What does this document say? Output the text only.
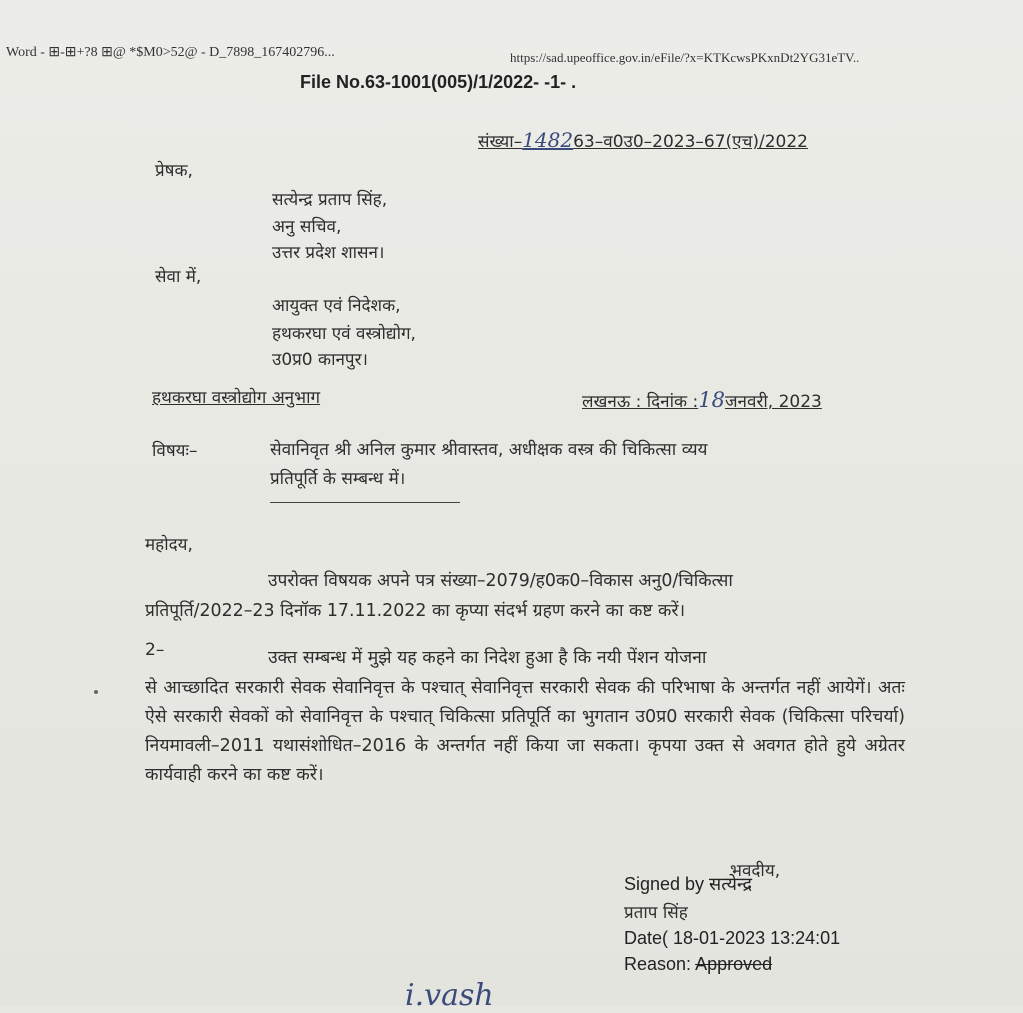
Word - ⊞-⊞+?8 ⊞@ *$M0>52@ - D_7898_167402796...	https://sad.upeoffice.gov.in/eFile/?x=KTKcwsPKxnDt2YG31eTV..
File No.63-1001(005)/1/2022- -1- .
संख्या–148263–व0उ0–2023–67(एच)/2022
प्रेषक,
सत्येन्द्र प्रताप सिंह,
अनु सचिव,
उत्तर प्रदेश शासन।
सेवा में,
आयुक्त एवं निदेशक,
हथकरघा एवं वस्त्रोद्योग,
उ0प्र0 कानपुर।
हथकरघा वस्त्रोद्योग अनुभाग	लखनऊ : दिनांक :18जनवरी, 2023
विषयः–	सेवानिवृत श्री अनिल कुमार श्रीवास्तव, अधीक्षक वस्त्र की चिकित्सा व्यय
प्रतिपूर्ति के सम्बन्ध में।
महोदय,
उपरोक्त विषयक अपने पत्र संख्या–2079/ह0क0–विकास अनु0/चिकित्सा
प्रतिपूर्ति/2022–23 दिनॉक 17.11.2022 का कृप्या संदर्भ ग्रहण करने का कष्ट करें।
2–	उक्त सम्बन्ध में मुझे यह कहने का निदेश हुआ है कि नयी पेंशन योजना
से आच्छादित सरकारी सेवक सेवानिवृत्त के पश्चात् सेवानिवृत्त सरकारी सेवक की परिभाषा के अन्तर्गत नहीं आयेगें। अतः ऐसे सरकारी सेवकों को सेवानिवृत्त के पश्चात् चिकित्सा प्रतिपूर्ति का भुगतान उ0प्र0 सरकारी सेवक (चिकित्सा परिचर्या) नियमावली–2011 यथासंशोधित–2016 के अन्तर्गत नहीं किया जा सकता। कृपया उक्त से अवगत होते हुये अग्रेतर कार्यवाही करने का कष्ट करें।
भवदीय,
Signed by सत्येन्द्र
प्रताप सिंह
Date( 18-01-2023 13:24:01
Reason: Approved
i.vash
